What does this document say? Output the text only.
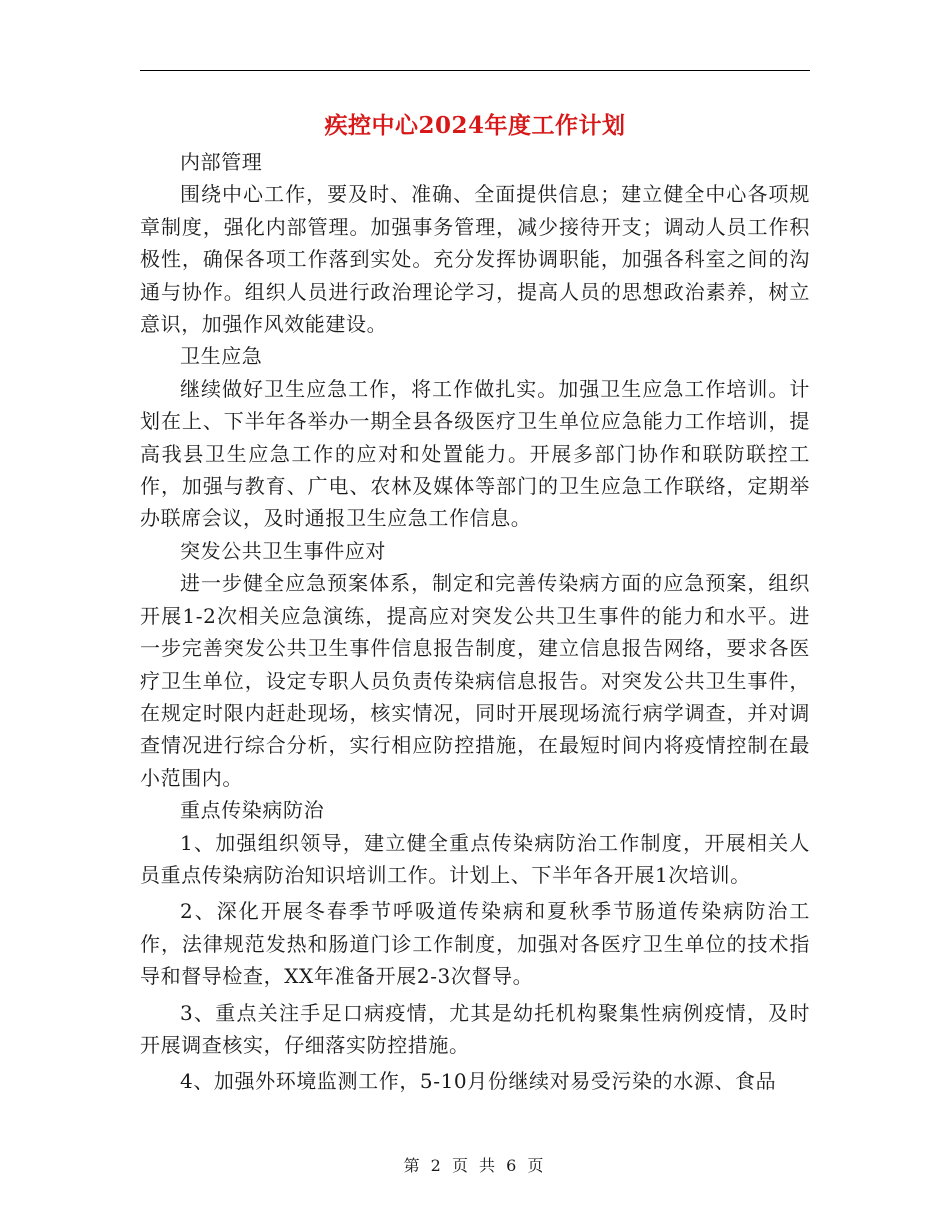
疾控中心2024年度工作计划

内部管理

围绕中心工作，要及时、准确、全面提供信息；建立健全中心各项规章制度，强化内部管理。加强事务管理，减少接待开支；调动人员工作积极性，确保各项工作落到实处。充分发挥协调职能，加强各科室之间的沟通与协作。组织人员进行政治理论学习，提高人员的思想政治素养，树立意识，加强作风效能建设。

卫生应急

继续做好卫生应急工作，将工作做扎实。加强卫生应急工作培训。计划在上、下半年各举办一期全县各级医疗卫生单位应急能力工作培训，提高我县卫生应急工作的应对和处置能力。开展多部门协作和联防联控工作，加强与教育、广电、农林及媒体等部门的卫生应急工作联络，定期举办联席会议，及时通报卫生应急工作信息。

突发公共卫生事件应对

进一步健全应急预案体系，制定和完善传染病方面的应急预案，组织开展1-2次相关应急演练，提高应对突发公共卫生事件的能力和水平。进一步完善突发公共卫生事件信息报告制度，建立信息报告网络，要求各医疗卫生单位，设定专职人员负责传染病信息报告。对突发公共卫生事件，在规定时限内赶赴现场，核实情况，同时开展现场流行病学调查，并对调查情况进行综合分析，实行相应防控措施，在最短时间内将疫情控制在最小范围内。

重点传染病防治

1、加强组织领导，建立健全重点传染病防治工作制度，开展相关人员重点传染病防治知识培训工作。计划上、下半年各开展1次培训。

2、深化开展冬春季节呼吸道传染病和夏秋季节肠道传染病防治工作，法律规范发热和肠道门诊工作制度，加强对各医疗卫生单位的技术指导和督导检查，XX年准备开展2-3次督导。

3、重点关注手足口病疫情，尤其是幼托机构聚集性病例疫情，及时开展调查核实，仔细落实防控措施。

4、加强外环境监测工作，5-10月份继续对易受污染的水源、食品

第 2 页 共 6 页
